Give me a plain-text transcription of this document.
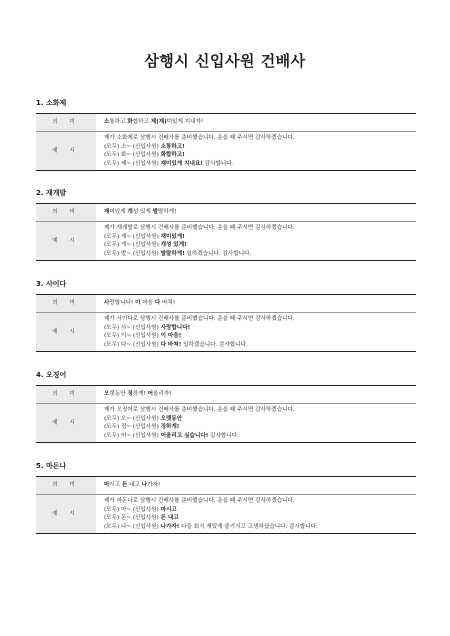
삼행시 신입사원 건배사
1. 소화제
의 미	소통하고 화합하고 제(재)미있게 지내자!
예 시	제가 소화제로 삼행시 건배사를 준비했습니다. 운을 떼 주시면 감사하겠습니다.
(모두) 소~ (신입사원) 소통하고!
(모두) 화~ (신입사원) 화합하고!
(모두) 제~ (신입사원) 재미있게 지내요! 감사합니다.
2. 재개발
의 미	재미있게 개성 있게 발랄하게!
예 시	제가 재개발로 삼행시 건배사를 준비했습니다. 운을 떼 주시면 감사하겠습니다.
(모두) 재~ (신입사원) 재미있게!
(모두) 개~ (신입사원) 개성 있게!
(모두) 발~ (신입사원) 발랄하게! 일하겠습니다. 감사합니다.
3. 사이다
의 미	사랑합니다! 이 마음 다 바쳐!
예 시	제가 사이다로 삼행시 건배사를 준비했습니다. 운을 떼 주시면 감사하겠습니다.
(모두) 사~ (신입사원) 사랑합니다!
(모두) 이~ (신입사원) 이 마음!
(모두) 다~ (신입사원) 다 바쳐! 일하겠습니다. 감사합니다.
4. 오징어
의 미	오랫동안 징하게! 어울리자!
예 시	제가 오징어로 삼행시 건배사를 준비했습니다. 운을 떼 주시면 감사하겠습니다.
(모두) 오~ (신입사원) 오랫동안
(모두) 징~ (신입사원) 징하게!
(모두) 어~ (신입사원) 어울리고 싶습니다! 감사합니다.
5. 마돈나
의 미	마시고 돈 내고 나가자!
예 시	제가 마돈나로 삼행시 건배사를 준비했습니다. 운을 떼 주시면 감사하겠습니다.
(모두) 마~ (신입사원) 마시고
(모두) 돈~ (신입사원) 돈 내고
(모두) 나~ (신입사원) 나가자! 다들 회식 재밌게 즐기시고 고생하셨습니다. 감사합니다.
